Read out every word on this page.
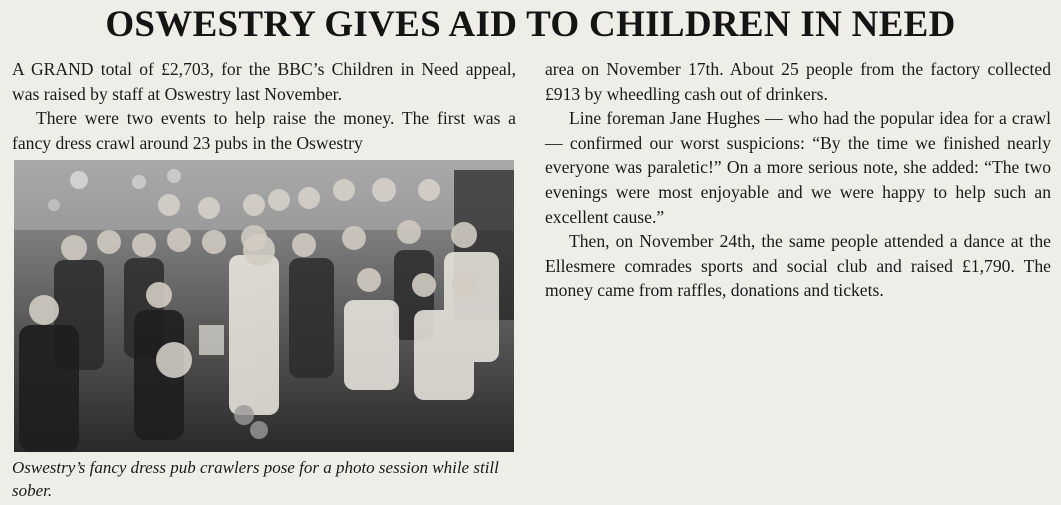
OSWESTRY GIVES AID TO CHILDREN IN NEED

A GRAND total of £2,703, for the BBC’s Children in Need appeal, was raised by staff at Oswestry last November.

There were two events to help raise the money. The first was a fancy dress crawl around 23 pubs in the Oswestry

Oswestry’s fancy dress pub crawlers pose for a photo session while still sober.

area on November 17th. About 25 people from the factory collected £913 by wheedling cash out of drinkers.

Line foreman Jane Hughes — who had the popular idea for a crawl — confirmed our worst suspicions: “By the time we finished nearly everyone was paraletic!” On a more serious note, she added: “The two evenings were most enjoyable and we were happy to help such an excellent cause.”

Then, on November 24th, the same people attended a dance at the Ellesmere comrades sports and social club and raised £1,790. The money came from raffles, donations and tickets.
